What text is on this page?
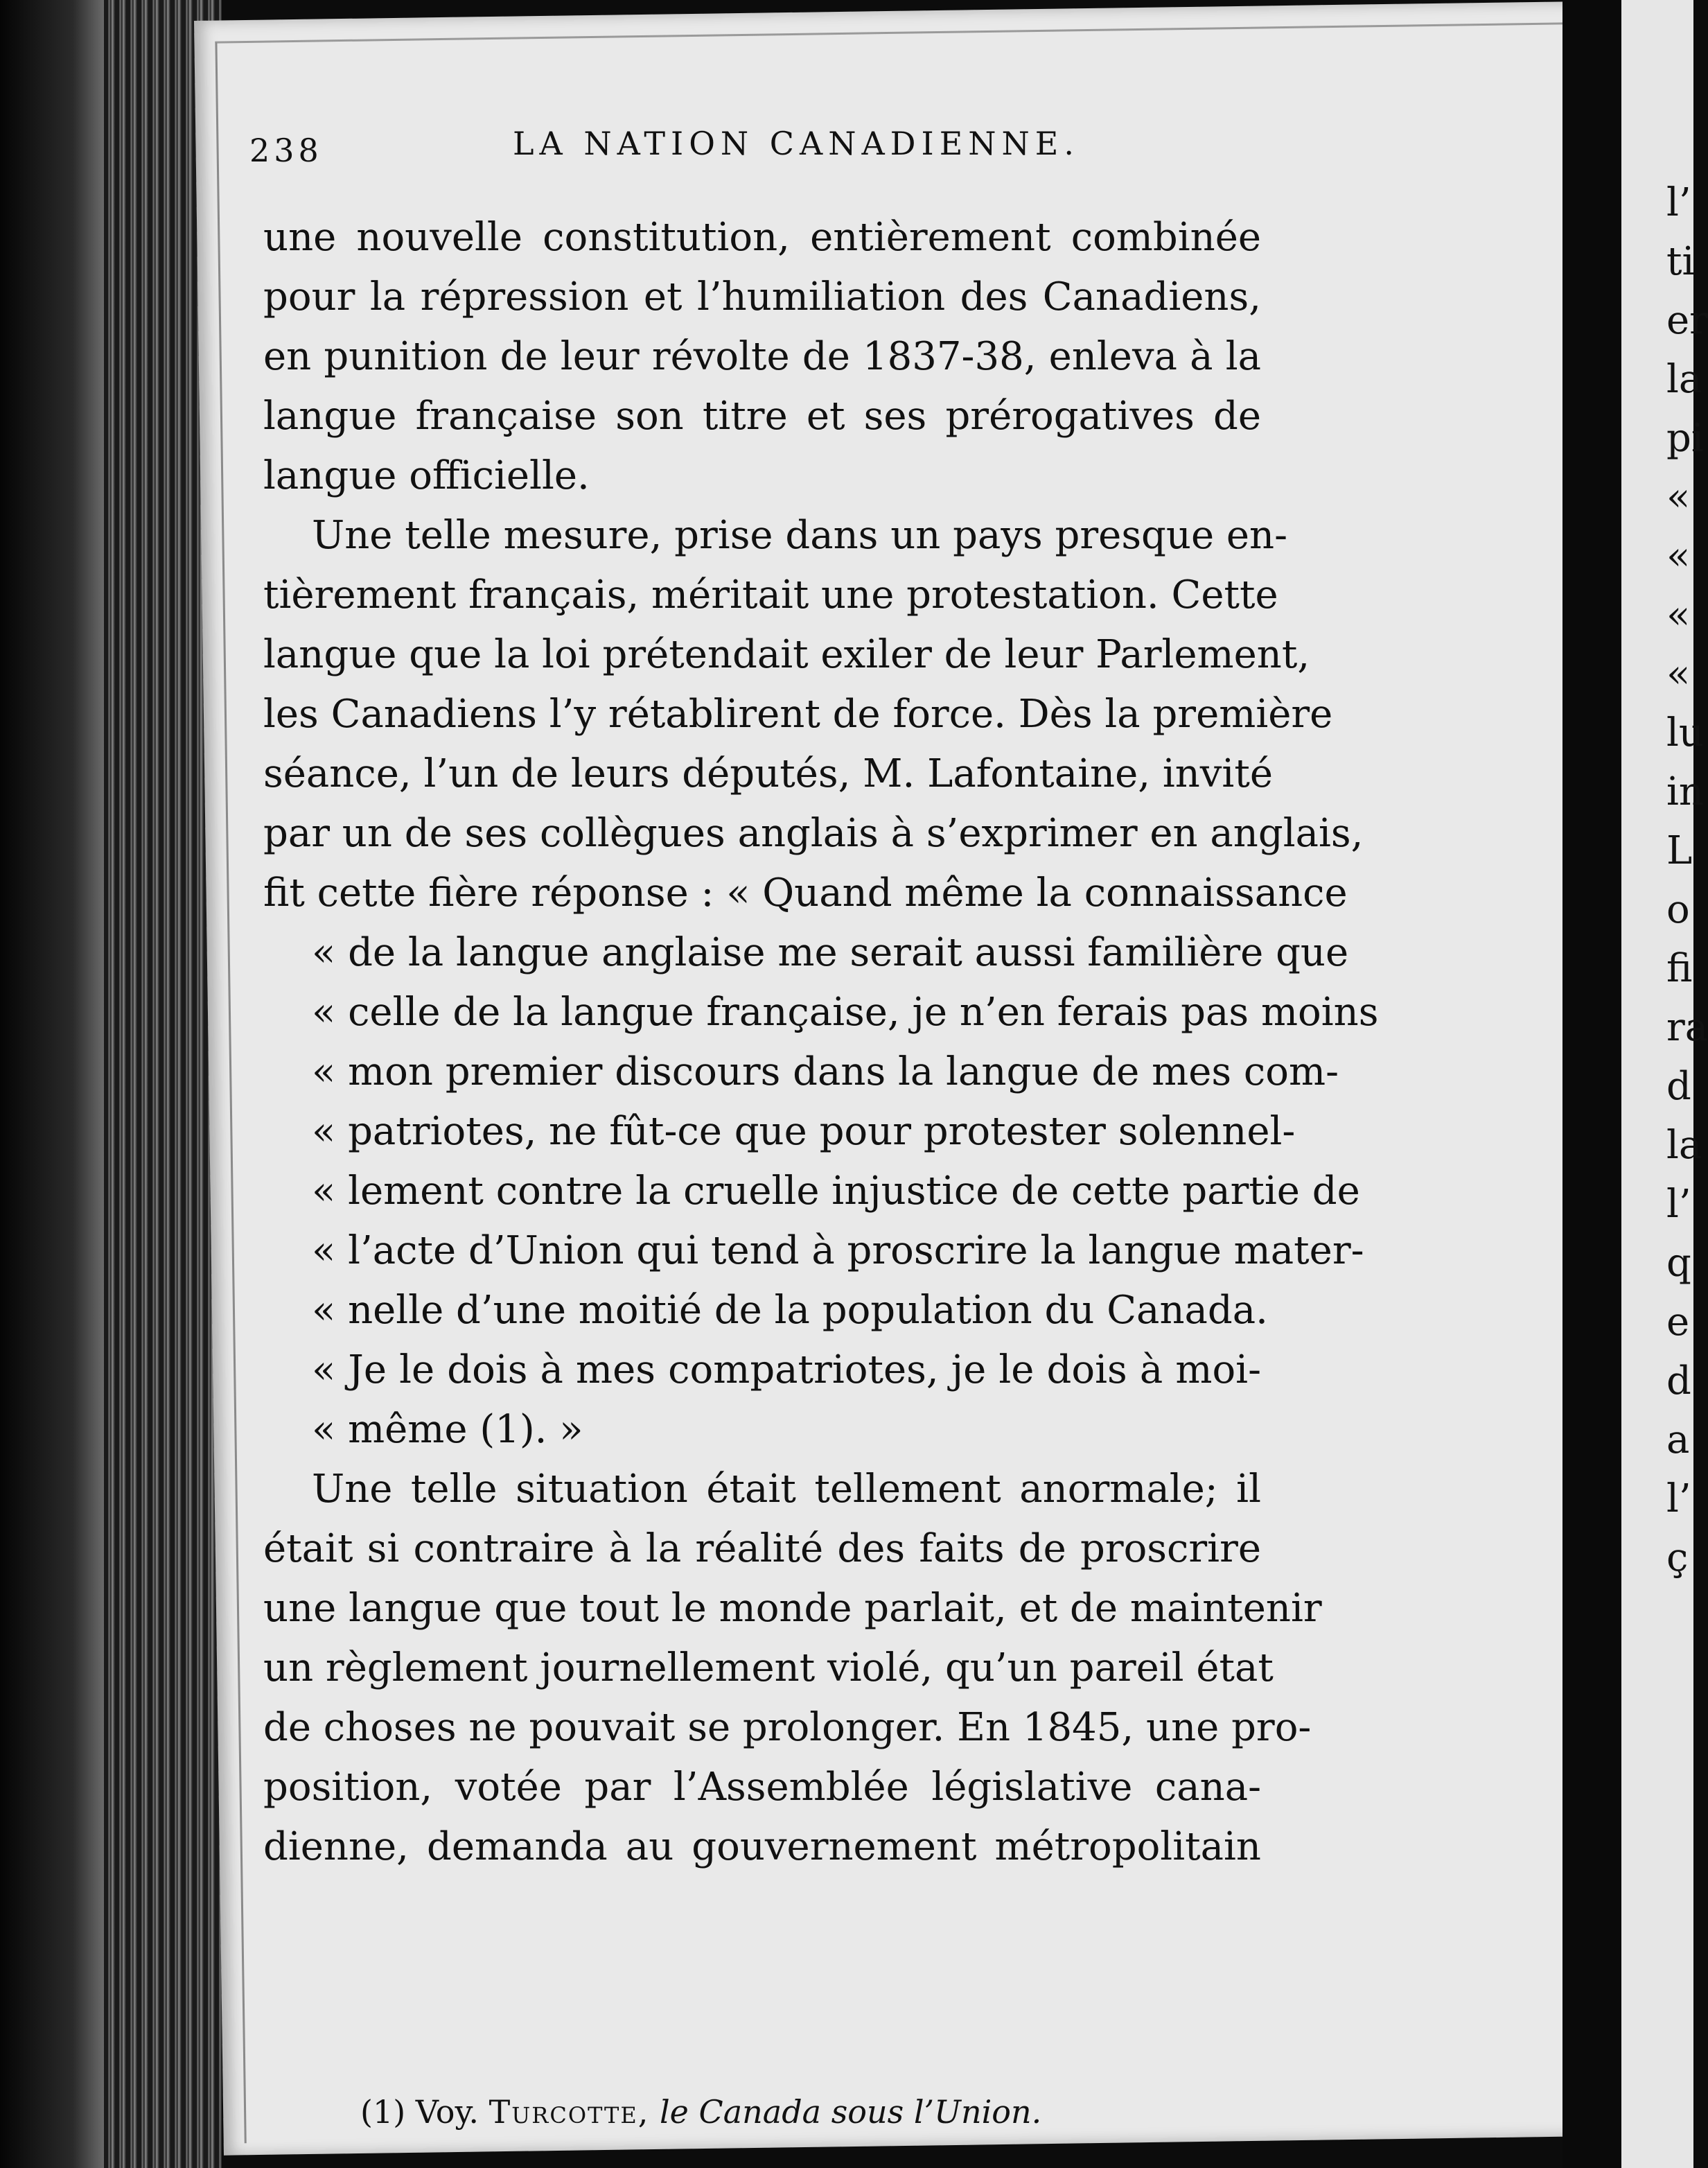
238	LA NATION CANADIENNE.
une nouvelle constitution, entièrement combinée
pour la répression et l’humiliation des Canadiens,
en punition de leur révolte de 1837-38, enleva à la
langue française son titre et ses prérogatives de
langue officielle.
Une telle mesure, prise dans un pays presque en-
tièrement français, méritait une protestation. Cette
langue que la loi prétendait exiler de leur Parlement,
les Canadiens l’y rétablirent de force. Dès la première
séance, l’un de leurs députés, M. Lafontaine, invité
par un de ses collègues anglais à s’exprimer en anglais,
fit cette fière réponse : « Quand même la connaissance
« de la langue anglaise me serait aussi familière que
« celle de la langue française, je n’en ferais pas moins
« mon premier discours dans la langue de mes com-
« patriotes, ne fût-ce que pour protester solennel-
« lement contre la cruelle injustice de cette partie de
« l’acte d’Union qui tend à proscrire la langue mater-
« nelle d’une moitié de la population du Canada.
« Je le dois à mes compatriotes, je le dois à moi-
« même (1). »
Une telle situation était tellement anormale; il
était si contraire à la réalité des faits de proscrire
une langue que tout le monde parlait, et de maintenir
un règlement journellement violé, qu’un pareil état
de choses ne pouvait se prolonger. En 1845, une pro-
position, votée par l’Assemblée législative cana-
dienne, demanda au gouvernement métropolitain
(1) Voy. Turcotte, le Canada sous l’Union.
l’
ti
er
la
pi
«
«
«
«
lu
in
L
o
fi
ra
d
la
l’
q
e
d
a
l’
ç
